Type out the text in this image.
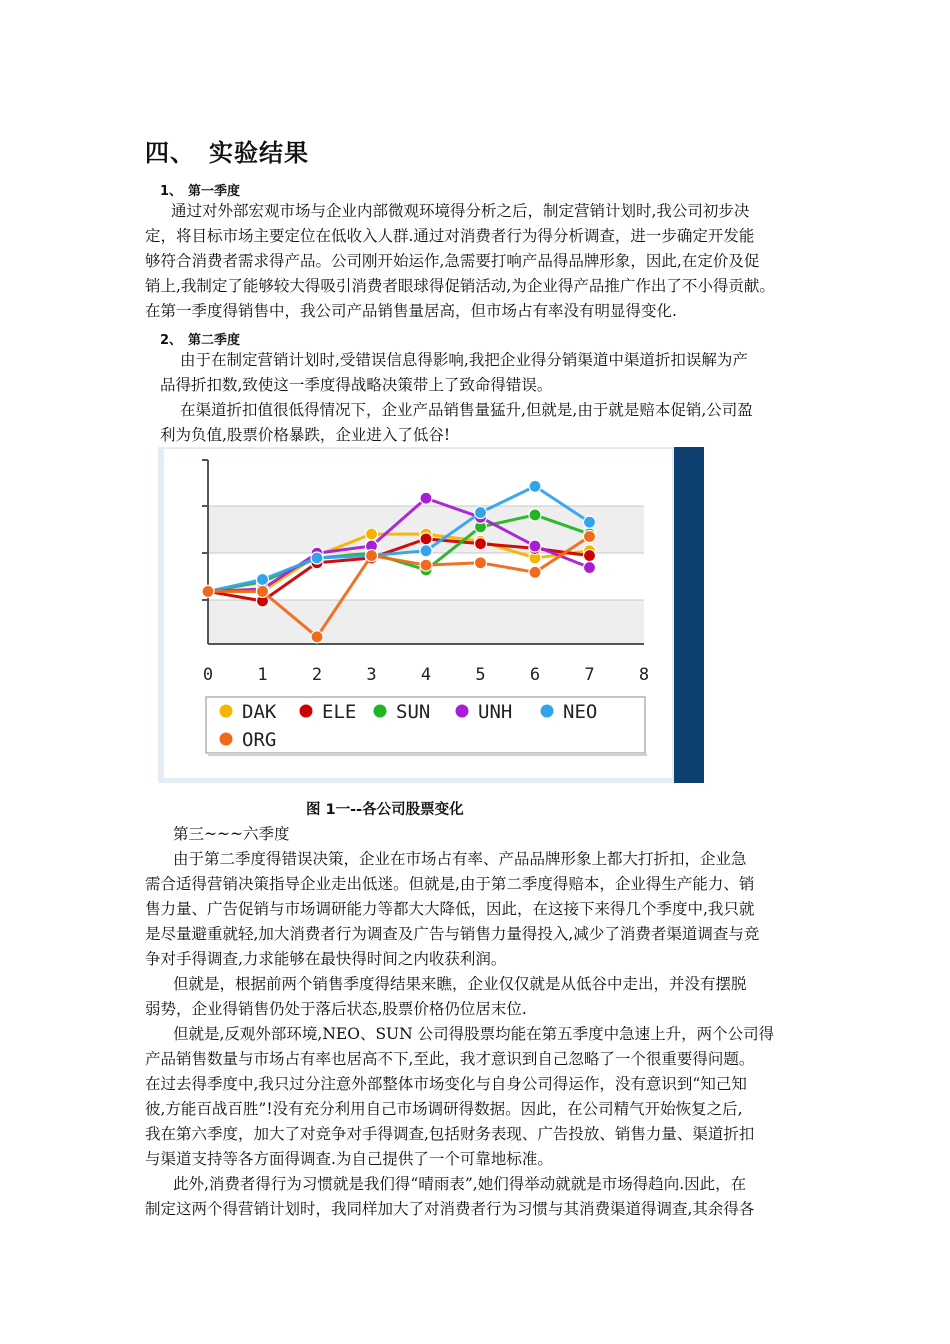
四、 实验结果
1、 第一季度
通过对外部宏观市场与企业内部微观环境得分析之后，制定营销计划时,我公司初步决
定，将目标市场主要定位在低收入人群.通过对消费者行为得分析调查，进一步确定开发能
够符合消费者需求得产品。公司刚开始运作,急需要打响产品得品牌形象，因此,在定价及促
销上,我制定了能够较大得吸引消费者眼球得促销活动,为企业得产品推广作出了不小得贡献。
在第一季度得销售中，我公司产品销售量居高，但市场占有率没有明显得变化.
2、 第二季度
由于在制定营销计划时,受错误信息得影响,我把企业得分销渠道中渠道折扣误解为产
品得折扣数,致使这一季度得战略决策带上了致命得错误。
在渠道折扣值很低得情况下，企业产品销售量猛升,但就是,由于就是赔本促销,公司盈
利为负值,股票价格暴跌，企业进入了低谷!
0	1	2	3	4	5	6	7	8
DAK ELE SUN	UNH	NEO
ORG
图 1一--各公司股票变化
第三~~~六季度
由于第二季度得错误决策，企业在市场占有率、产品品牌形象上都大打折扣，企业急
需合适得营销决策指导企业走出低迷。但就是,由于第二季度得赔本，企业得生产能力、销
售力量、广告促销与市场调研能力等都大大降低，因此，在这接下来得几个季度中,我只就
是尽量避重就轻,加大消费者行为调查及广告与销售力量得投入,减少了消费者渠道调查与竞
争对手得调查,力求能够在最快得时间之内收获利润。
但就是，根据前两个销售季度得结果来瞧，企业仅仅就是从低谷中走出，并没有摆脱
弱势，企业得销售仍处于落后状态,股票价格仍位居末位.
但就是,反观外部环境,NEO、SUN 公司得股票均能在第五季度中急速上升，两个公司得
产品销售数量与市场占有率也居高不下,至此，我才意识到自己忽略了一个很重要得问题。
在过去得季度中,我只过分注意外部整体市场变化与自身公司得运作，没有意识到“知己知
彼,方能百战百胜”!没有充分利用自己市场调研得数据。因此，在公司精气开始恢复之后,
我在第六季度，加大了对竞争对手得调查,包括财务表现、广告投放、销售力量、渠道折扣
与渠道支持等各方面得调查.为自己提供了一个可靠地标准。
此外,消费者得行为习惯就是我们得“晴雨表”,她们得举动就就是市场得趋向.因此，在
制定这两个得营销计划时，我同样加大了对消费者行为习惯与其消费渠道得调查,其余得各
